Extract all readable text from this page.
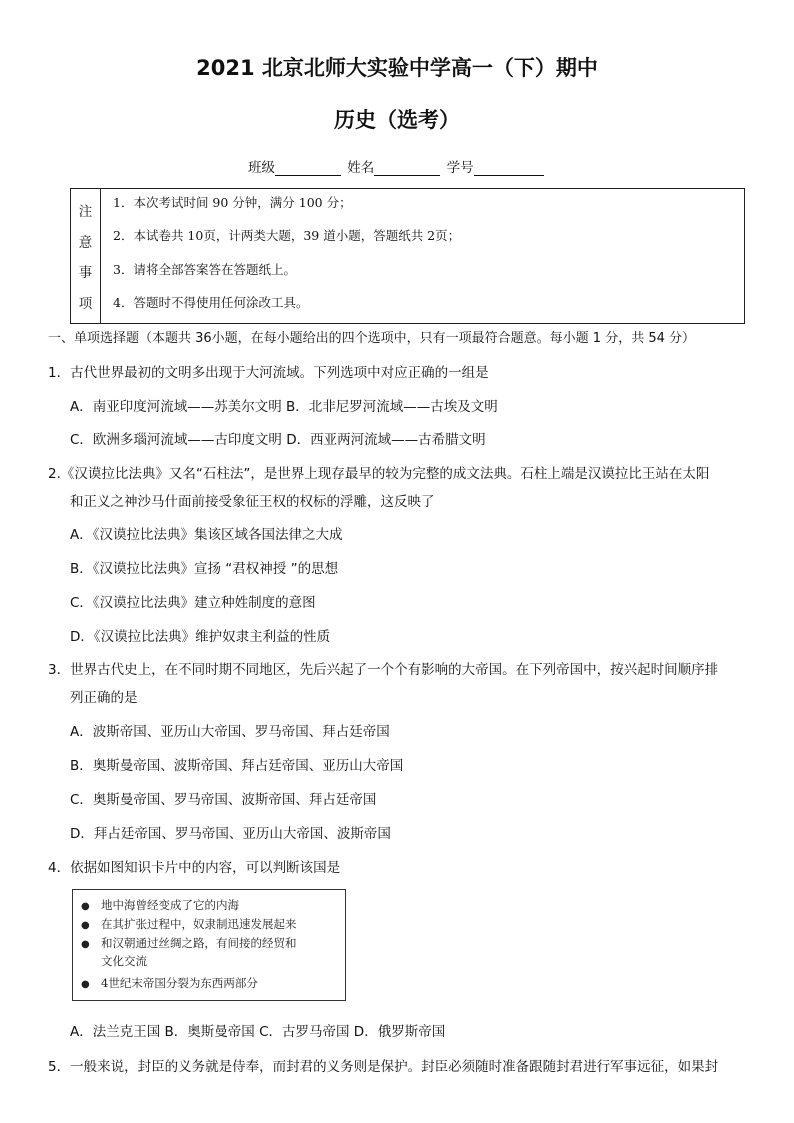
2021 北京北师大实验中学高一（下）期中
历史（选考）
班级	姓名	学号
注
意
事
项
1．本次考试时间 90 分钟，满分 100 分；
2．本试卷共 10页，计两类大题，39 道小题，答题纸共 2页；
3．请将全部答案答在答题纸上。
4．答题时不得使用任何涂改工具。
一、单项选择题（本题共 36小题，在每小题给出的四个选项中，只有一项最符合题意。每小题 1 分，共 54 分）
1．古代世界最初的文明多出现于大河流域。下列选项中对应正确的一组是
A．南亚印度河流域——苏美尔文明 B．北非尼罗河流域——古埃及文明
C．欧洲多瑙河流域——古印度文明 D．西亚两河流域——古希腊文明
2.《汉谟拉比法典》又名“石柱法”，是世界上现存最早的较为完整的成文法典。石柱上端是汉谟拉比王站在太阳
和正义之神沙马什面前接受象征王权的权标的浮雕，这反映了
A．《汉谟拉比法典》集该区域各国法律之大成
B．《汉谟拉比法典》宣扬 “君权神授 ”的思想
C．《汉谟拉比法典》建立种姓制度的意图
D．《汉谟拉比法典》维护奴隶主利益的性质
3．世界古代史上，在不同时期不同地区，先后兴起了一个个有影响的大帝国。在下列帝国中，按兴起时间顺序排
列正确的是
A．波斯帝国、亚历山大帝国、罗马帝国、拜占廷帝国
B．奥斯曼帝国、波斯帝国、拜占廷帝国、亚历山大帝国
C．奥斯曼帝国、罗马帝国、波斯帝国、拜占廷帝国
D．拜占廷帝国、罗马帝国、亚历山大帝国、波斯帝国
4．依据如图知识卡片中的内容，可以判断该国是
● 地中海曾经变成了它的内海
● 在其扩张过程中，奴隶制迅速发展起来
● 和汉朝通过丝绸之路，有间接的经贸和
文化交流
● 4世纪末帝国分裂为东西两部分
A．法兰克王国 B．奥斯曼帝国 C．古罗马帝国 D．俄罗斯帝国
5．一般来说，封臣的义务就是侍奉，而封君的义务则是保护。封臣必须随时准备跟随封君进行军事远征，如果封
